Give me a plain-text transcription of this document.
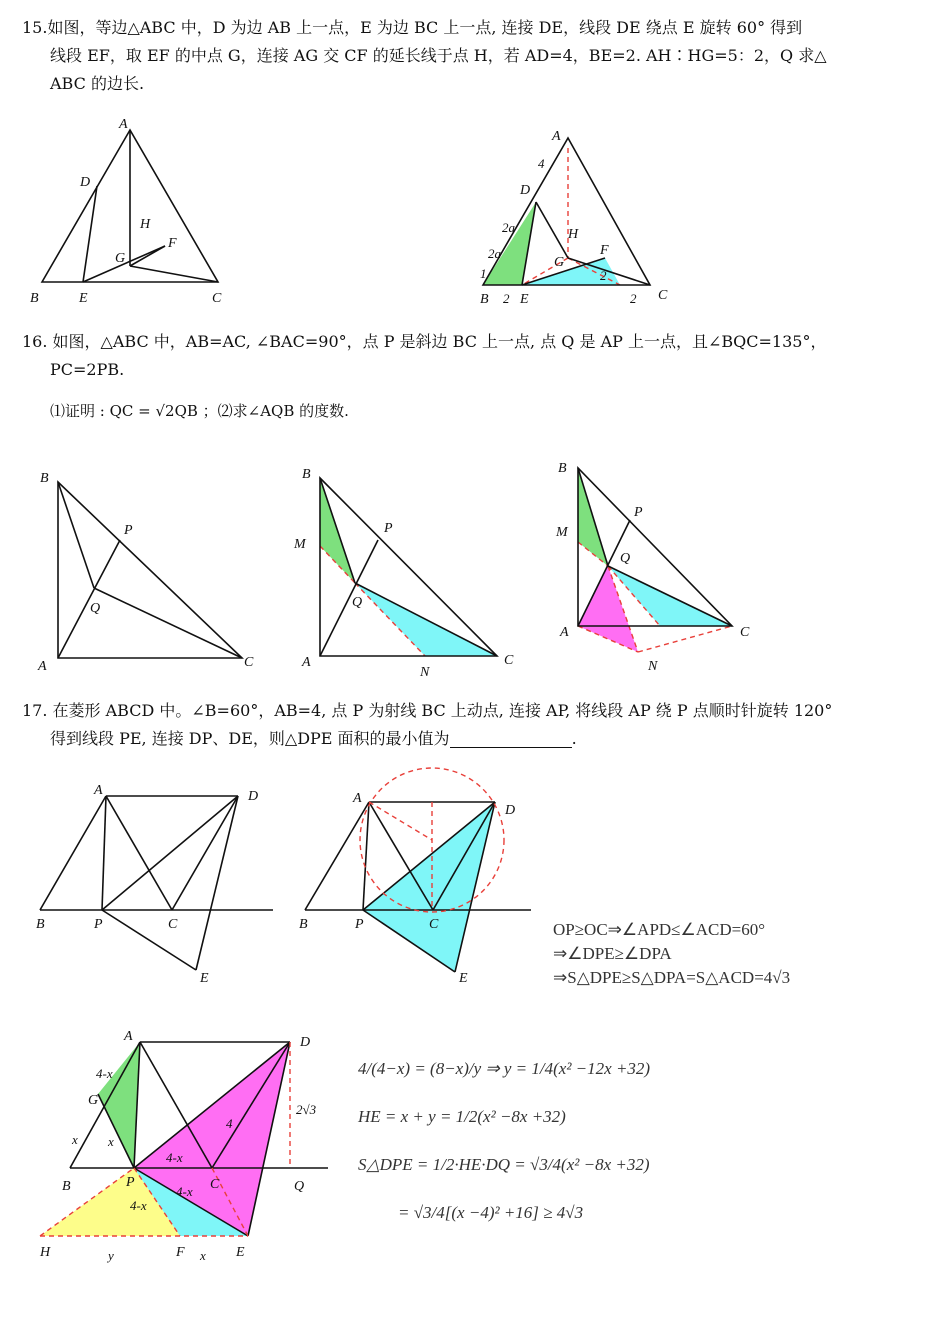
15.如图，等边△ABC 中，D 为边 AB 上一点，E 为边 BC 上一点, 连接 DE，线段 DE 绕点 E 旋转 60° 得到

线段 EF，取 EF 的中点 G，连接 AG 交 CF 的延长线于点 H，若 AD=4，BE=2. AH∶HG=5：2，Q 求△

ABC 的边长.

A
B	C
D
E
F
G
H
A
4
D
2a
2a
1
H
G
F
2
B 2 E	2 C

16. 如图，△ABC 中，AB=AC, ∠BAC=90°，点 P 是斜边 BC 上一点, 点 Q 是 AP 上一点，且∠BQC=135°，

PC=2PB.

⑴证明 : QC = √2QB ；⑵求∠AQB 的度数.
B
A	C
P
Q
B
M
P
Q
A
N
C
B
M
P
Q
A
N
C

17. 在菱形 ABCD 中。∠B=60°，AB=4, 点 P 为射线 BC 上动点, 连接 AP, 将线段 AP 绕 P 点顺时针旋转 120°

得到线段 PE, 连接 DP、DE，则△DPE 面积的最小值为	.

A	D
B	P	C
E
A
D
B	P	C
E
OP≥OC⇒∠APD≤∠ACD=60°
⇒∠DPE≥∠DPA
⇒S△DPE≥S△DPA=S△ACD=4√3
A	D
G
4-x
x x
4-x
4-x
4-x
4
2√3
B	P	C	Q
H	y	F x E
4/(4−x) = (8−x)/y ⇒ y = 1/4(x² −12x +32)
HE = x + y = 1/2(x² −8x +32)
S△DPE = 1/2·HE·DQ = √3/4(x² −8x +32)
= √3/4[(x −4)² +16] ≥ 4√3
